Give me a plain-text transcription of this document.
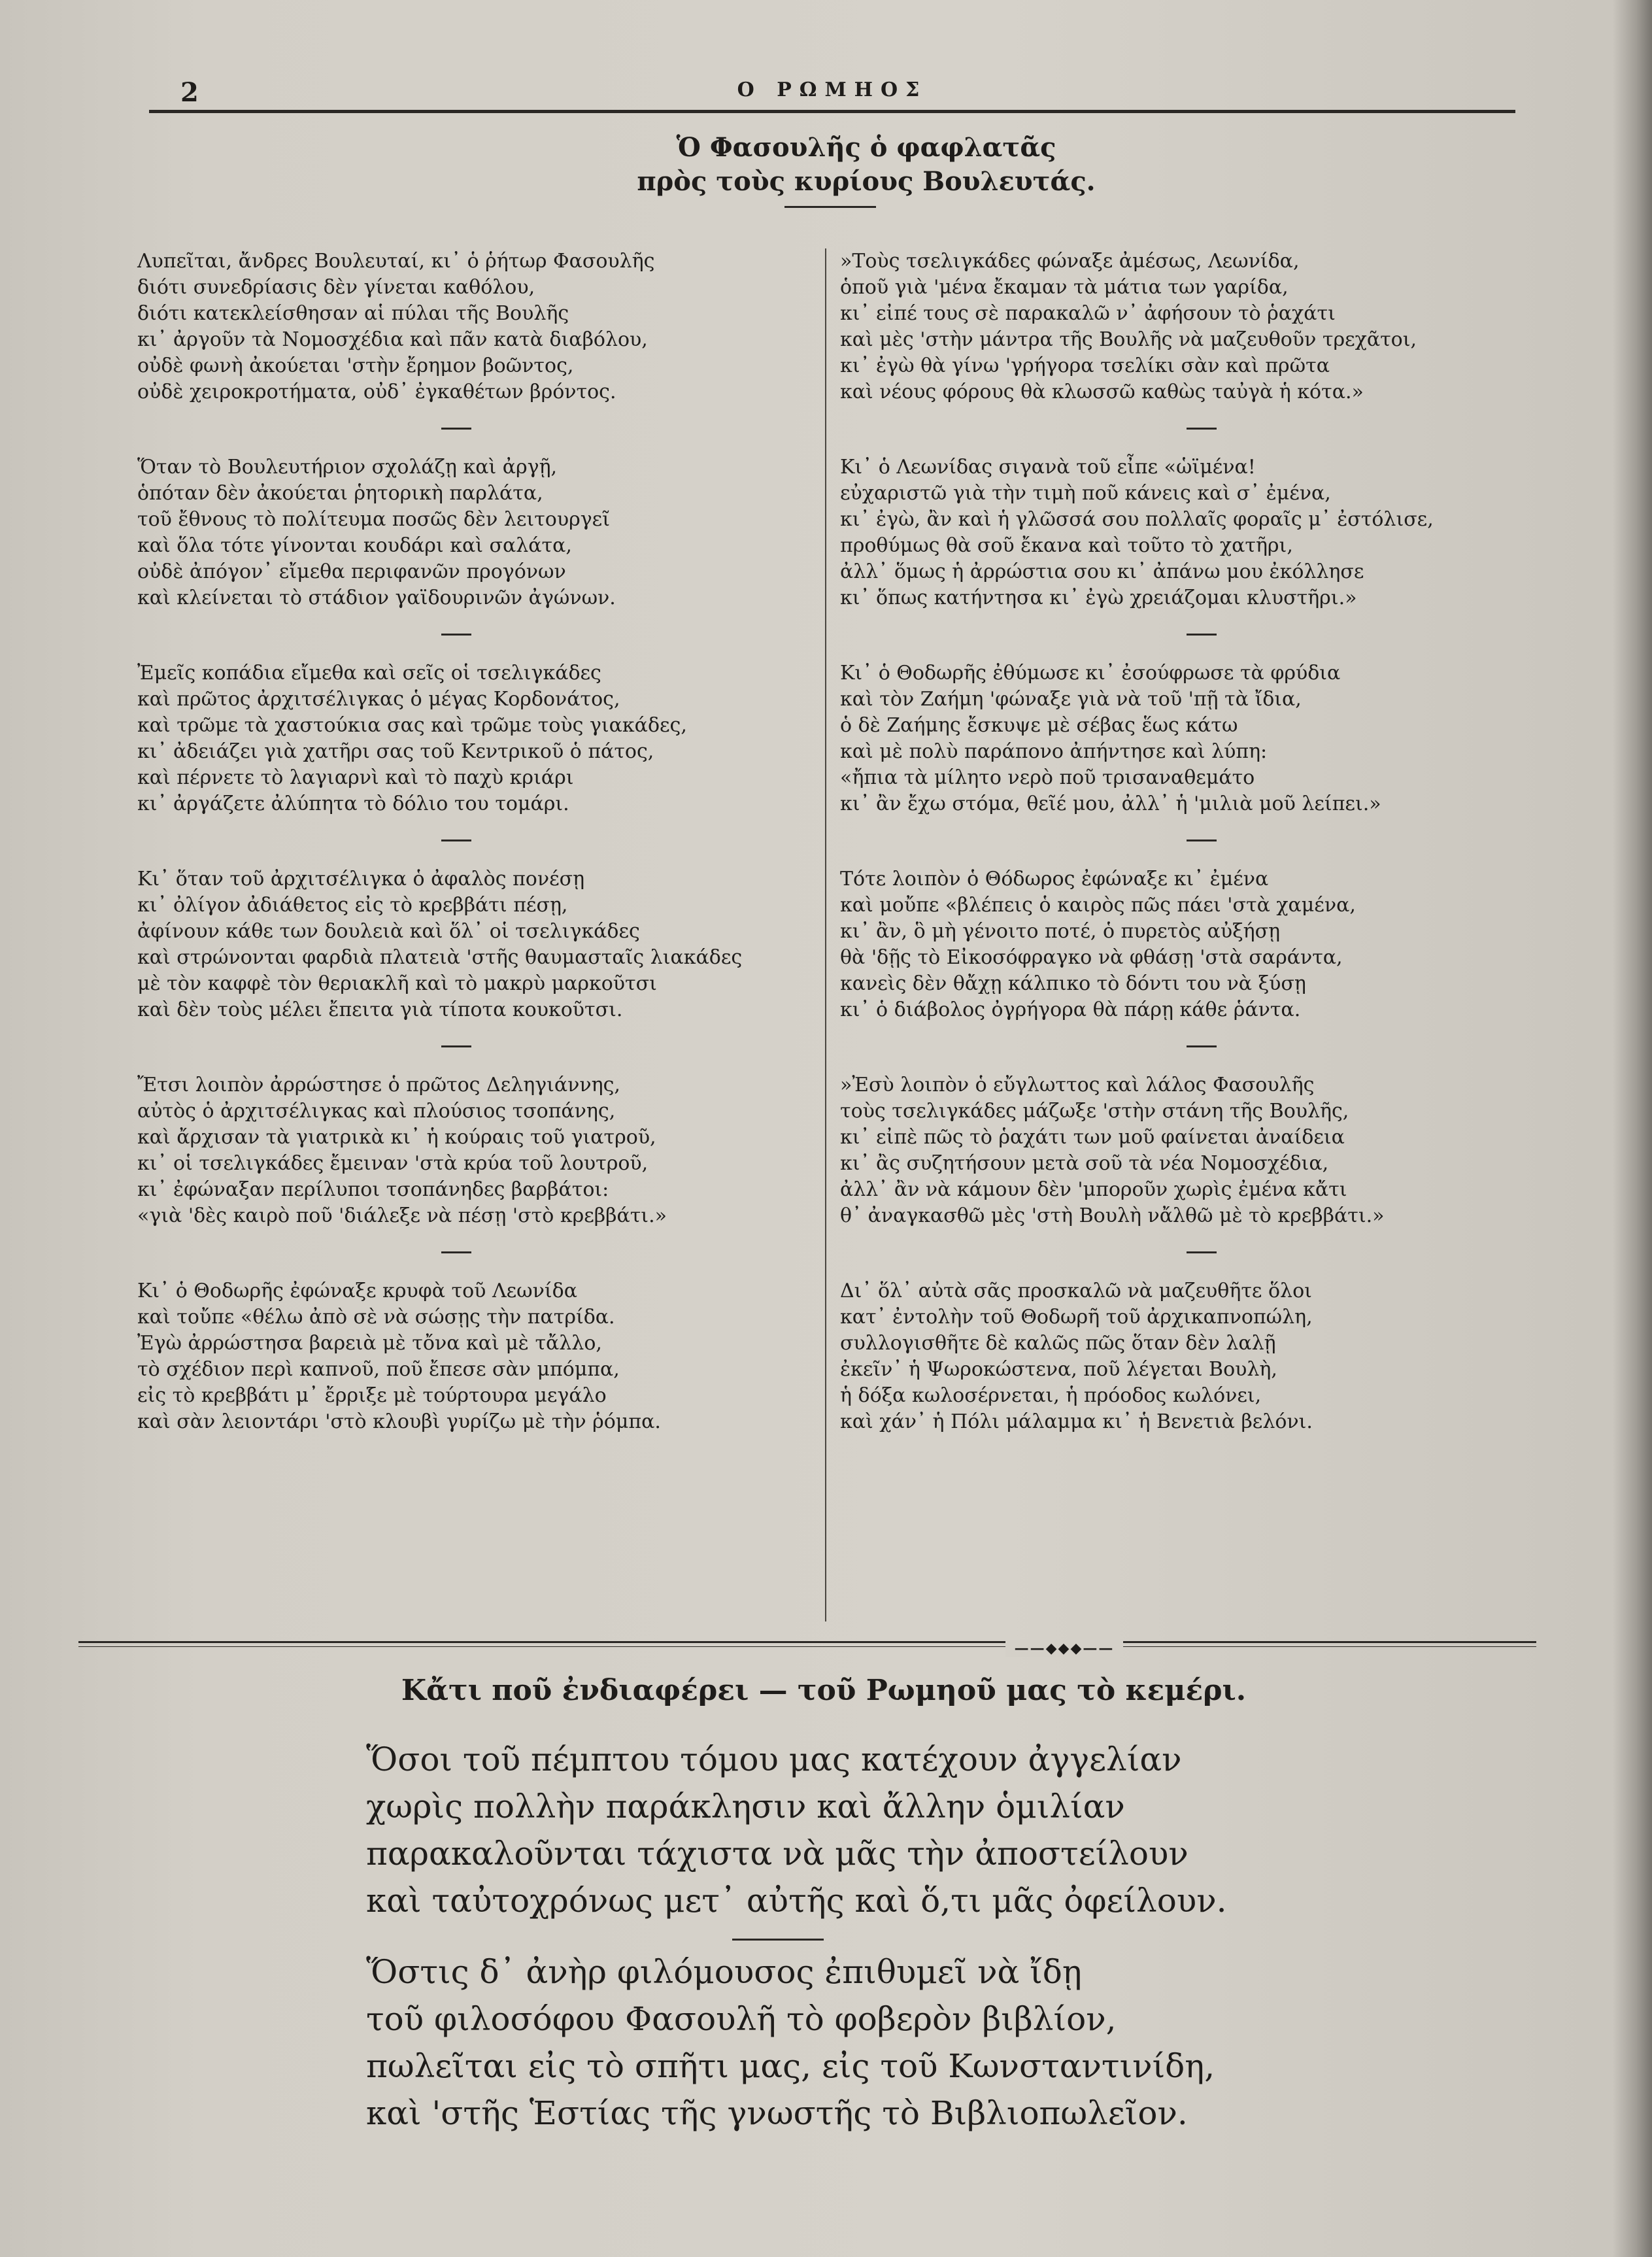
2	Ο ΡΩΜΗΟΣ
Ὁ Φασουλῆς ὁ φαφλατᾶς
πρὸς τοὺς κυρίους Βουλευτάς.
Λυπεῖται, ἄνδρες Βουλευταί, κι᾽ ὁ ῥήτωρ Φασουλῆς
διότι συνεδρίασις δὲν γίνεται καθόλου,
διότι κατεκλείσθησαν αἱ πύλαι τῆς Βουλῆς
κι᾽ ἀργοῦν τὰ Νομοσχέδια καὶ πᾶν κατὰ διαβόλου,
οὐδὲ φωνὴ ἀκούεται 'στὴν ἔρημον βοῶντος,
οὐδὲ χειροκροτήματα, οὐδ᾽ ἐγκαθέτων βρόντος.
Ὅταν τὸ Βουλευτήριον σχολάζῃ καὶ ἀργῇ,
ὁπόταν δὲν ἀκούεται ῥητορικὴ παρλάτα,
τοῦ ἔθνους τὸ πολίτευμα ποσῶς δὲν λειτουργεῖ
καὶ ὅλα τότε γίνονται κουδάρι καὶ σαλάτα,
οὐδὲ ἀπόγον᾽ εἴμεθα περιφανῶν προγόνων
καὶ κλείνεται τὸ στάδιον γαϊδουρινῶν ἀγώνων.
Ἐμεῖς κοπάδια εἴμεθα καὶ σεῖς οἱ τσελιγκάδες
καὶ πρῶτος ἀρχιτσέλιγκας ὁ μέγας Κορδονάτος,
καὶ τρῶμε τὰ χαστούκια σας καὶ τρῶμε τοὺς γιακάδες,
κι᾽ ἀδειάζει γιὰ χατῆρι σας τοῦ Κεντρικοῦ ὁ πάτος,
καὶ πέρνετε τὸ λαγιαρνὶ καὶ τὸ παχὺ κριάρι
κι᾽ ἀργάζετε ἀλύπητα τὸ δόλιο του τομάρι.
Κι᾽ ὅταν τοῦ ἀρχιτσέλιγκα ὁ ἀφαλὸς πονέσῃ
κι᾽ ὀλίγον ἀδιάθετος εἰς τὸ κρεββάτι πέσῃ,
ἀφίνουν κάθε των δουλειὰ καὶ ὅλ᾽ οἱ τσελιγκάδες
καὶ στρώνονται φαρδιὰ πλατειὰ 'στῆς θαυμασταῖς λιακάδες
μὲ τὸν καφφὲ τὸν θεριακλῆ καὶ τὸ μακρὺ μαρκοῦτσι
καὶ δὲν τοὺς μέλει ἔπειτα γιὰ τίποτα κουκοῦτσι.
Ἔτσι λοιπὸν ἀρρώστησε ὁ πρῶτος Δεληγιάννης,
αὐτὸς ὁ ἀρχιτσέλιγκας καὶ πλούσιος τσοπάνης,
καὶ ἄρχισαν τὰ γιατρικὰ κι᾽ ἡ κούραις τοῦ γιατροῦ,
κι᾽ οἱ τσελιγκάδες ἔμειναν 'στὰ κρύα τοῦ λουτροῦ,
κι᾽ ἐφώναξαν περίλυποι τσοπάνηδες βαρβάτοι:
«γιὰ 'δὲς καιρὸ ποῦ 'διάλεξε νὰ πέσῃ 'στὸ κρεββάτι.»
Κι᾽ ὁ Θοδωρῆς ἐφώναξε κρυφὰ τοῦ Λεωνίδα
καὶ τοὔπε «θέλω ἀπὸ σὲ νὰ σώσῃς τὴν πατρίδα.
Ἐγὼ ἀρρώστησα βαρειὰ μὲ τὄνα καὶ μὲ τἄλλο,
τὸ σχέδιον περὶ καπνοῦ, ποῦ ἔπεσε σὰν μπόμπα,
εἰς τὸ κρεββάτι μ᾽ ἔρριξε μὲ τούρτουρα μεγάλο
καὶ σὰν λειοντάρι 'στὸ κλουβὶ γυρίζω μὲ τὴν ῥόμπα.
»Τοὺς τσελιγκάδες φώναξε ἀμέσως, Λεωνίδα,
ὁποῦ γιὰ 'μένα ἔκαμαν τὰ μάτια των γαρίδα,
κι᾽ εἰπέ τους σὲ παρακαλῶ ν᾽ ἀφήσουν τὸ ῥαχάτι
καὶ μὲς 'στὴν μάντρα τῆς Βουλῆς νὰ μαζευθοῦν τρεχᾶτοι,
κι᾽ ἐγὼ θὰ γίνω 'γρήγορα τσελίκι σὰν καὶ πρῶτα
καὶ νέους φόρους θὰ κλωσσῶ καθὼς ταὐγὰ ἡ κότα.»
Κι᾽ ὁ Λεωνίδας σιγανὰ τοῦ εἶπε «ὡϊμένα!
εὐχαριστῶ γιὰ τὴν τιμὴ ποῦ κάνεις καὶ σ᾽ ἐμένα,
κι᾽ ἐγὼ, ἂν καὶ ἡ γλῶσσά σου πολλαῖς φοραῖς μ᾽ ἐστόλισε,
προθύμως θὰ σοῦ ἔκανα καὶ τοῦτο τὸ χατῆρι,
ἀλλ᾽ ὅμως ἡ ἀρρώστια σου κι᾽ ἀπάνω μου ἐκόλλησε
κι᾽ ὅπως κατήντησα κι᾽ ἐγὼ χρειάζομαι κλυστῆρι.»
Κι᾽ ὁ Θοδωρῆς ἐθύμωσε κι᾽ ἐσούφρωσε τὰ φρύδια
καὶ τὸν Ζαήμη 'φώναξε γιὰ νὰ τοῦ 'πῇ τὰ ἴδια,
ὁ δὲ Ζαήμης ἔσκυψε μὲ σέβας ἕως κάτω
καὶ μὲ πολὺ παράπονο ἀπήντησε καὶ λύπη:
«ἤπια τὰ μίλητο νερὸ ποῦ τρισαναθεμάτο
κι᾽ ἂν ἔχω στόμα, θεῖέ μου, ἀλλ᾽ ἡ 'μιλιὰ μοῦ λείπει.»
Τότε λοιπὸν ὁ Θόδωρος ἐφώναξε κι᾽ ἐμένα
καὶ μοὔπε «βλέπεις ὁ καιρὸς πῶς πάει 'στὰ χαμένα,
κι᾽ ἂν, ὃ μὴ γένοιτο ποτέ, ὁ πυρετὸς αὐξήσῃ
θὰ 'δῇς τὸ Εἰκοσόφραγκο νὰ φθάσῃ 'στὰ σαράντα,
κανεὶς δὲν θἄχῃ κάλπικο τὸ δόντι του νὰ ξύσῃ
κι᾽ ὁ διάβολος ὀγρήγορα θὰ πάρῃ κάθε ῥάντα.
»Ἐσὺ λοιπὸν ὁ εὔγλωττος καὶ λάλος Φασουλῆς
τοὺς τσελιγκάδες μάζωξε 'στὴν στάνη τῆς Βουλῆς,
κι᾽ εἰπὲ πῶς τὸ ῥαχάτι των μοῦ φαίνεται ἀναίδεια
κι᾽ ἂς συζητήσουν μετὰ σοῦ τὰ νέα Νομοσχέδια,
ἀλλ᾽ ἂν νὰ κάμουν δὲν 'μποροῦν χωρὶς ἐμένα κἄτι
θ᾽ ἀναγκασθῶ μὲς 'στὴ Βουλὴ νἄλθῶ μὲ τὸ κρεββάτι.»
Δι᾽ ὅλ᾽ αὐτὰ σᾶς προσκαλῶ νὰ μαζευθῆτε ὅλοι
κατ᾽ ἐντολὴν τοῦ Θοδωρῆ τοῦ ἀρχικαπνοπώλη,
συλλογισθῆτε δὲ καλῶς πῶς ὅταν δὲν λαλῇ
ἐκεῖν᾽ ἡ Ψωροκώστενα, ποῦ λέγεται Βουλὴ,
ἡ δόξα κωλοσέρνεται, ἡ πρόοδος κωλόνει,
καὶ χάν᾽ ἡ Πόλι μάλαμμα κι᾽ ἡ Βενετιὰ βελόνι.
——◆◆◆——
Κἄτι ποῦ ἐνδιαφέρει — τοῦ Ρωμηοῦ μας τὸ κεμέρι.
Ὅσοι τοῦ πέμπτου τόμου μας κατέχουν ἀγγελίαν
χωρὶς πολλὴν παράκλησιν καὶ ἄλλην ὁμιλίαν
παρακαλοῦνται τάχιστα νὰ μᾶς τὴν ἀποστείλουν
καὶ ταὐτοχρόνως μετ᾽ αὐτῆς καὶ ὅ,τι μᾶς ὀφείλουν.
Ὅστις δ᾽ ἀνὴρ φιλόμουσος ἐπιθυμεῖ νὰ ἴδῃ
τοῦ φιλοσόφου Φασουλῆ τὸ φοβερὸν βιβλίον,
πωλεῖται εἰς τὸ σπῆτι μας, εἰς τοῦ Κωνσταντινίδη,
καὶ 'στῆς Ἑστίας τῆς γνωστῆς τὸ Βιβλιοπωλεῖον.
